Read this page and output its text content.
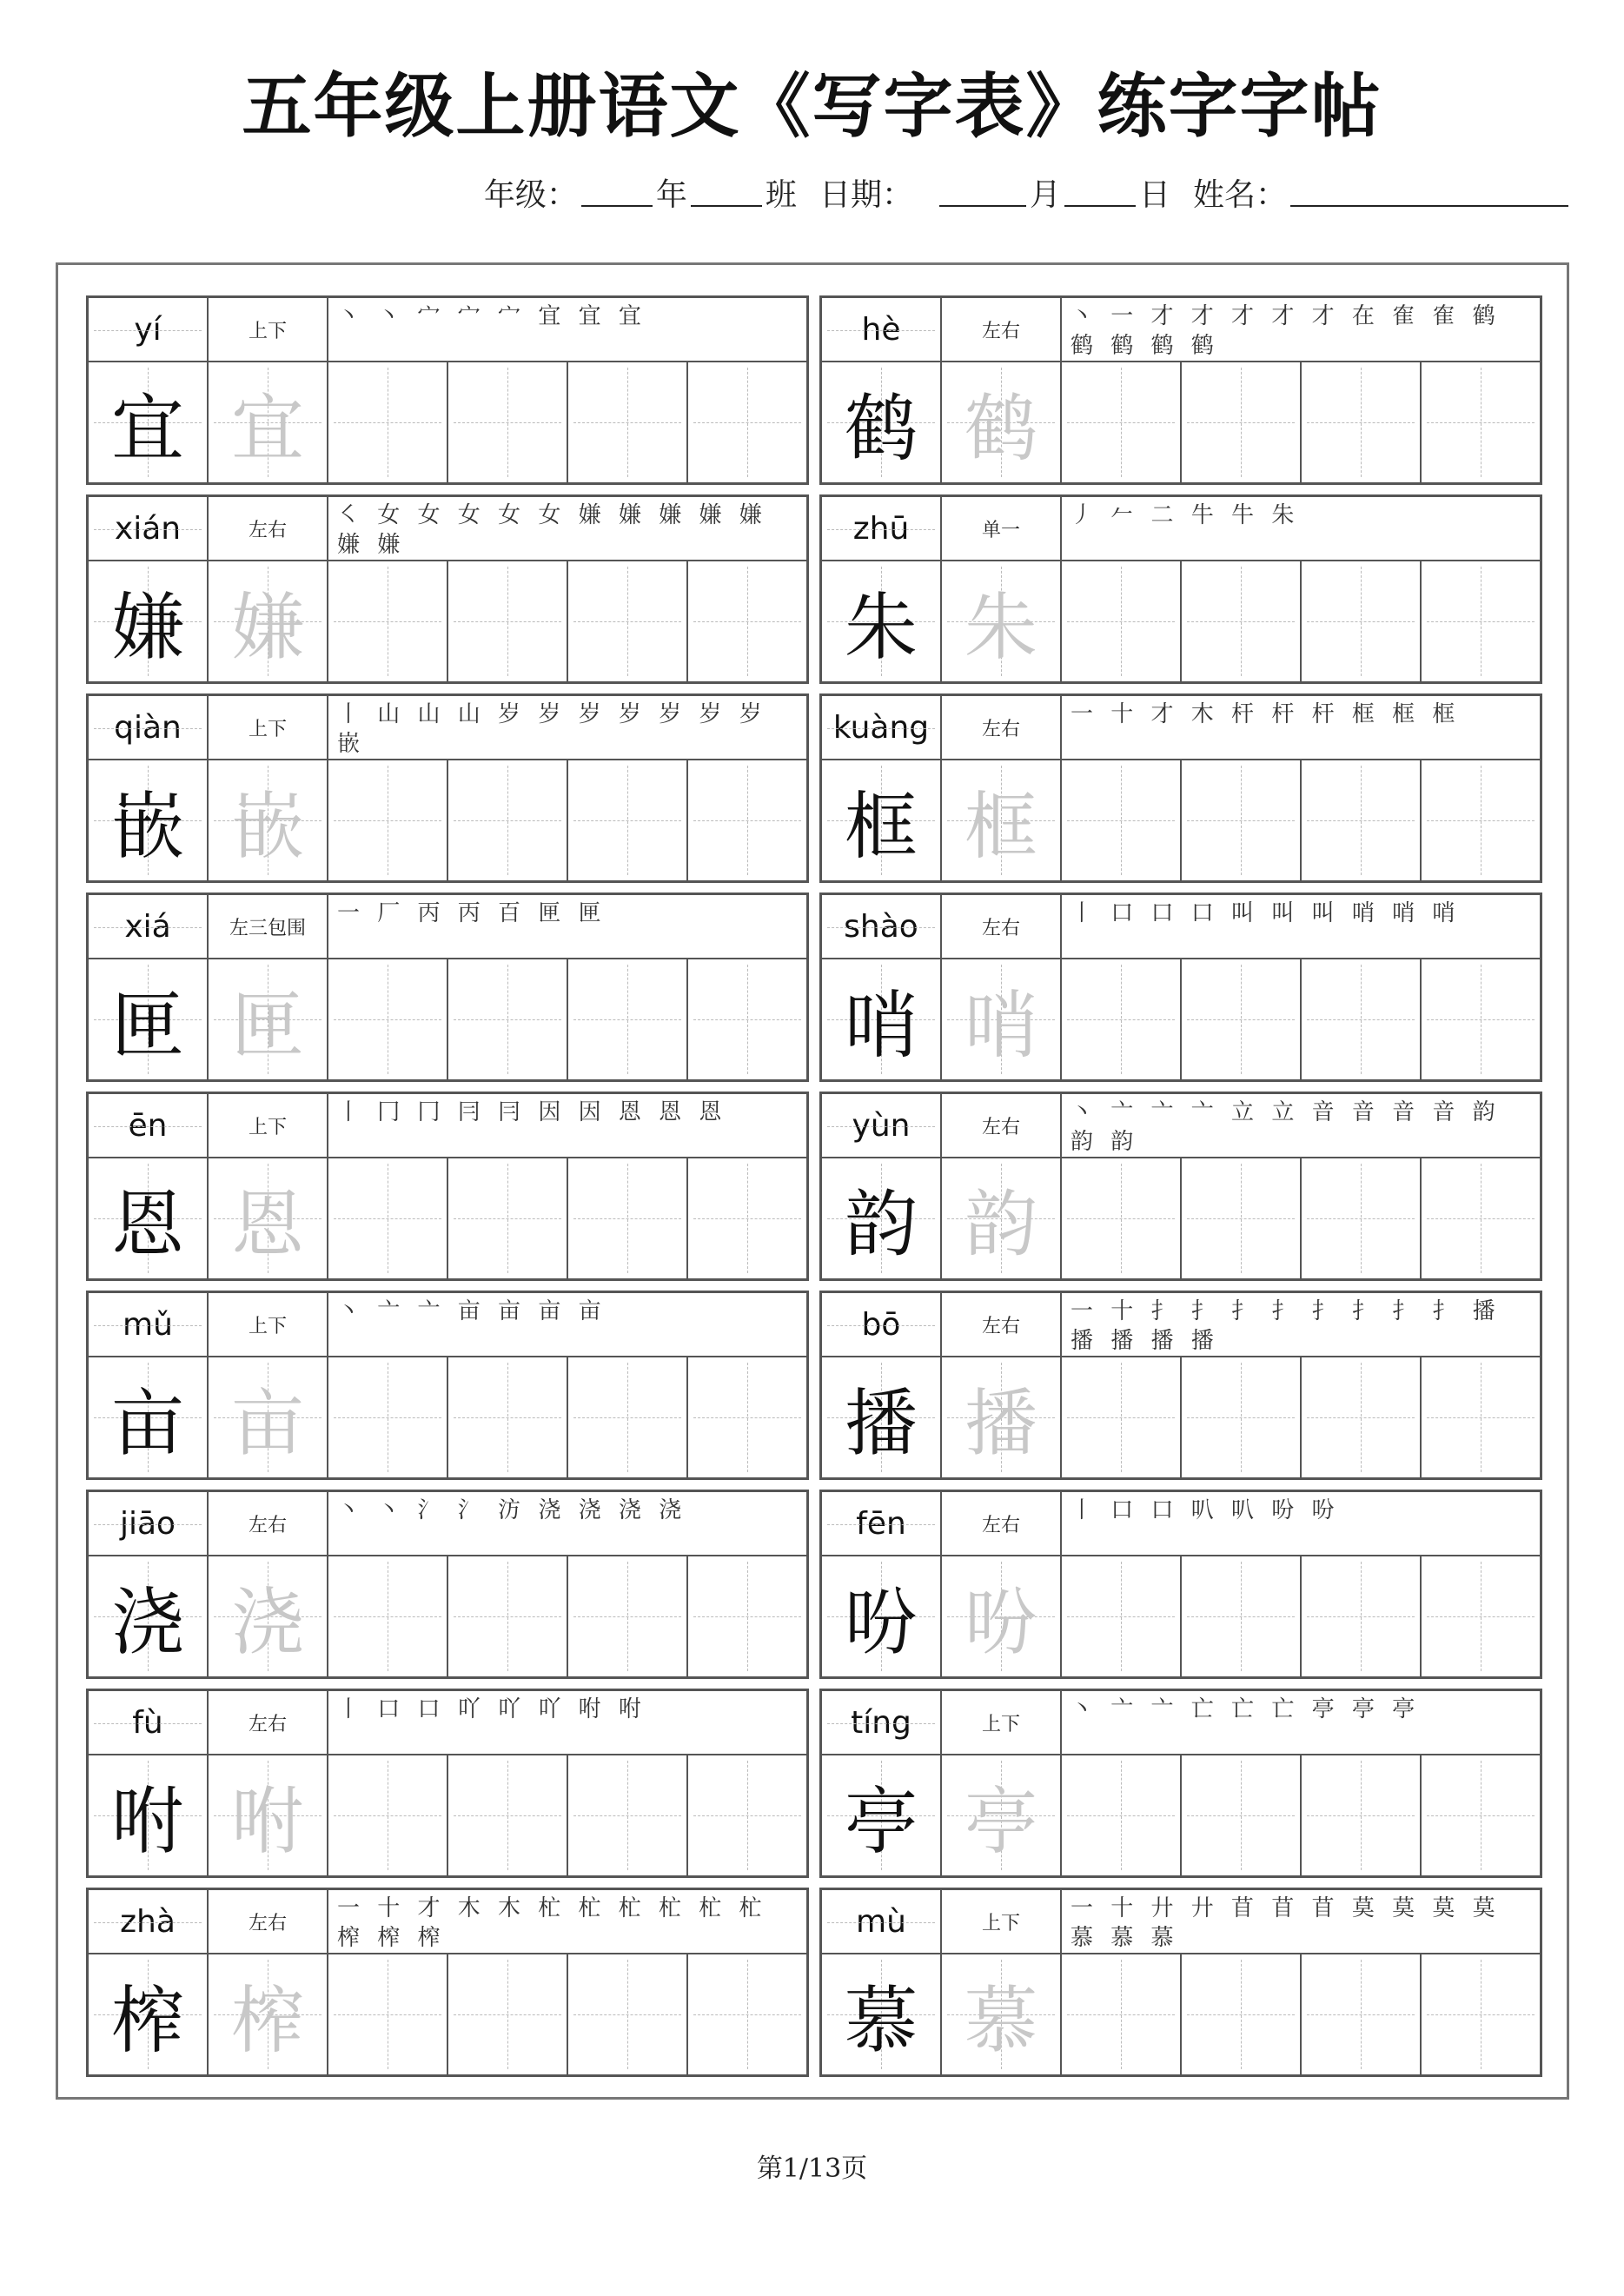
五年级上册语文《写字表》练字字帖
年级：	年	班 日期：	月	日 姓名：
yí	上下
丶 丶 宀 宀 宀 宜 宜 宜
宜 宜
hè	左右
丶 一 才 才 才 才 才 在 隺 隺 鹤 鹤 鹤 鹤 鹤
鹤 鹤
xián	左右
㇛ 女 女 女 女 女 嫌 嫌 嫌 嫌 嫌 嫌 嫌
嫌 嫌
zhū	单一
丿 𠂉 二 牛 牛 朱
朱 朱
qiàn	上下
丨 山 山 山 岁 岁 岁 岁 岁 岁 岁 嵌
嵌 嵌
kuàng	左右
一 十 才 木 杆 杆 杆 框 框 框
框 框
xiá	左三包围
一 厂 丙 丙 百 匣 匣
匣 匣
shào	左右
丨 口 口 口 叫 叫 叫 哨 哨 哨
哨 哨
ēn	上下
丨 冂 冂 冃 冃 因 因 恩 恩 恩
恩 恩
yùn	左右
丶 亠 亠 亠 立 立 音 音 音 音 韵 韵 韵
韵 韵
mǔ	上下
丶 亠 亠 亩 亩 亩 亩
亩 亩
bō	左右
一 十 扌 扌 扌 扌 扌 扌 扌 扌 播 播 播 播 播
播 播
jiāo	左右
丶 丶 氵 氵 汸 浇 浇 浇 浇
浇 浇
fēn	左右
丨 口 口 叭 叭 吩 吩
吩 吩
fù	左右
丨 口 口 吖 吖 吖 咐 咐
咐 咐
tíng	上下
丶 亠 亠 亡 亡 亡 亭 亭 亭
亭 亭
zhà	左右
一 十 才 木 木 杧 杧 杧 杧 杧 杧 榨 榨 榨
榨 榨
mù	上下
一 十 廾 廾 苜 苜 苜 莫 莫 莫 莫 慕 慕 慕
慕 慕
第1/13页
